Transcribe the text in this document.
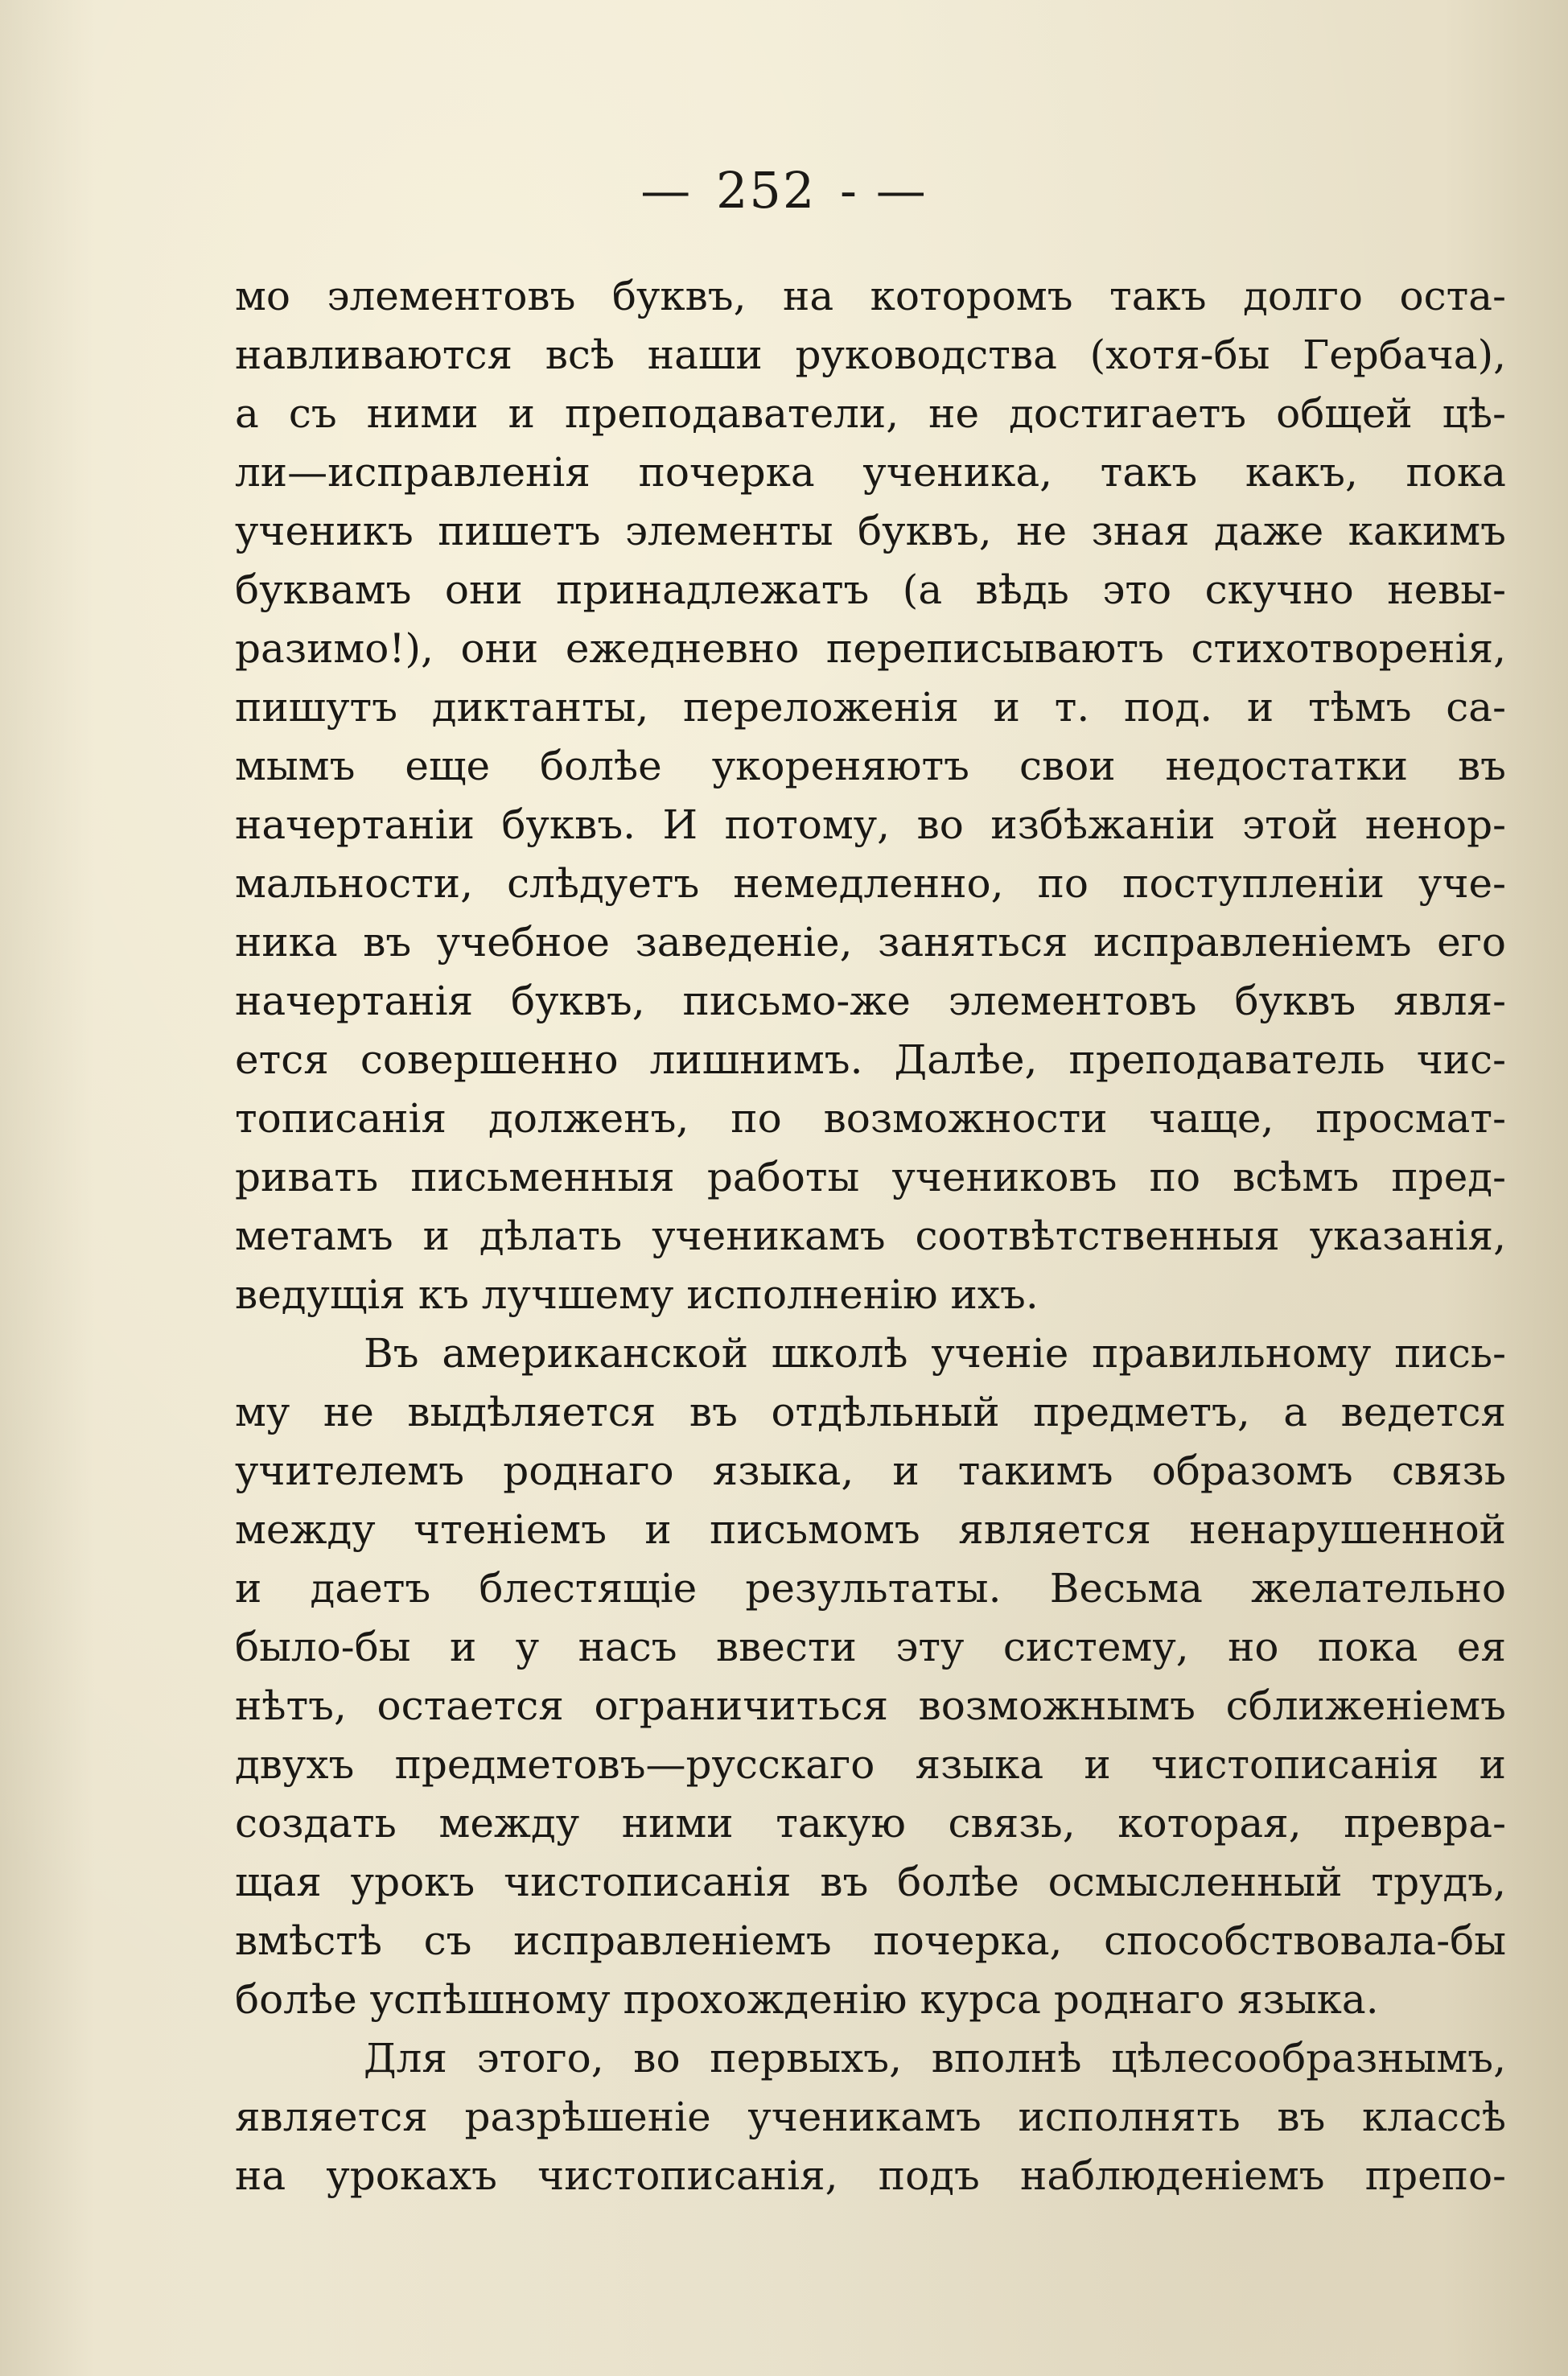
— 252 - —
мо элементовъ буквъ, на которомъ такъ долго оста-
навливаются всѣ наши руководства (хотя-бы Гербача),
а съ ними и преподаватели, не достигаетъ общей цѣ-
ли—исправленія почерка ученика, такъ какъ, пока
ученикъ пишетъ элементы буквъ, не зная даже какимъ
буквамъ они принадлежатъ (а вѣдь это скучно невы-
разимо!), они ежедневно переписываютъ стихотворенія,
пишутъ диктанты, переложенія и т. под. и тѣмъ са-
мымъ еще болѣе укореняютъ свои недостатки въ
начертаніи буквъ. И потому, во избѣжаніи этой ненор-
мальности, слѣдуетъ немедленно, по поступленіи уче-
ника въ учебное заведеніе, заняться исправленіемъ его
начертанія буквъ, письмо-же элементовъ буквъ явля-
ется совершенно лишнимъ. Далѣе, преподаватель чис-
тописанія долженъ, по возможности чаще, просмат-
ривать письменныя работы учениковъ по всѣмъ пред-
метамъ и дѣлать ученикамъ соотвѣтственныя указанія,
ведущія къ лучшему исполненію ихъ.
Въ американской школѣ ученіе правильному пись-
му не выдѣляется въ отдѣльный предметъ, а ведется
учителемъ роднаго языка, и такимъ образомъ связь
между чтеніемъ и письмомъ является ненарушенной
и даетъ блестящіе результаты. Весьма желательно
было-бы и у насъ ввести эту систему, но пока ея
нѣтъ, остается ограничиться возможнымъ сближеніемъ
двухъ предметовъ—русскаго языка и чистописанія и
создать между ними такую связь, которая, превра-
щая урокъ чистописанія въ болѣе осмысленный трудъ,
вмѣстѣ съ исправленіемъ почерка, способствовала-бы
болѣе успѣшному прохожденію курса роднаго языка.
Для этого, во первыхъ, вполнѣ цѣлесообразнымъ,
является разрѣшеніе ученикамъ исполнять въ классѣ
на урокахъ чистописанія, подъ наблюденіемъ препо-
